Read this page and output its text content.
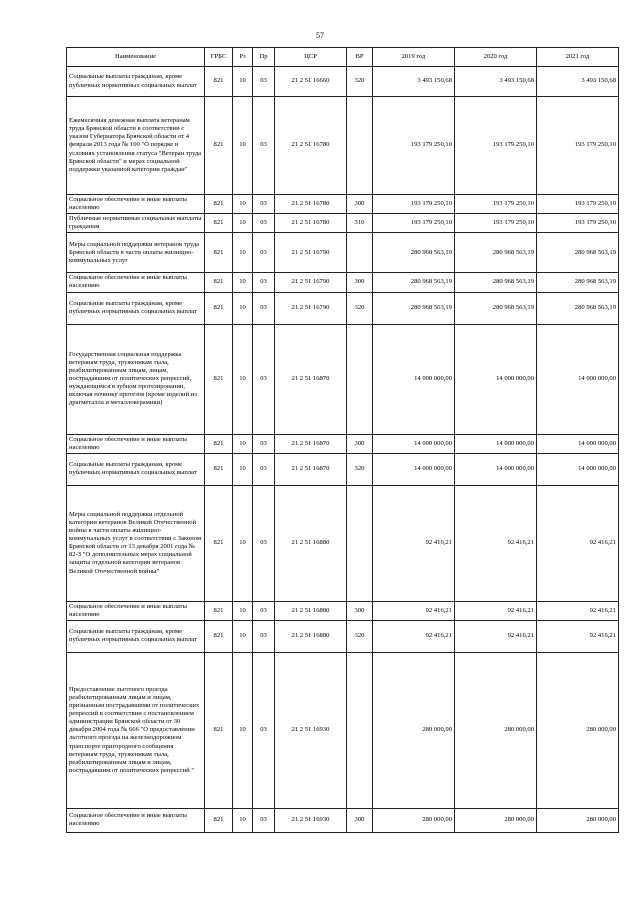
57
Наименование	ГРБС	Рз	Пр	ЦСР	ВР	2019 год	2020 год	2021 год
Социальные выплаты гражданам, кроме публичных нормативных социальных выплат	821	10	03	21 2 51 16660	320	3 493 150,68	3 493 150,68	3 493 150,68
Ежемесячная денежная выплата ветеранам труда Брянской области в соответствии с указом Губернатора Брянской области от 4 февраля 2013 года № 100 "О порядке и условиях установления статуса "Ветеран труда Брянской области" и мерах социальной поддержки указанной категории граждан"	821	10	03	21 2 51 16780		193 179 250,10	193 179 250,10	193 179 250,10
Социальное обеспечение и иные выплаты населению	821	10	03	21 2 51 16780	300	193 179 250,10	193 179 250,10	193 179 250,10
Публичные нормативные социальные выплаты гражданам	821	10	03	21 2 51 16780	310	193 179 250,10	193 179 250,10	193 179 250,10
Меры социальной поддержки ветеранов труда Брянской области в части оплаты жилищно-коммунальных услуг	821	10	03	21 2 51 16790		280 968 563,19	280 968 563,19	280 968 563,19
Социальное обеспечение и иные выплаты населению	821	10	03	21 2 51 16790	300	280 968 563,19	280 968 563,19	280 968 563,19
Социальные выплаты гражданам, кроме публичных нормативных социальных выплат	821	10	03	21 2 51 16790	320	280 968 563,19	280 968 563,19	280 968 563,19
Государственная социальная поддержка ветеранам труда, труженикам тыла, реабилитированным лицам, лицам, пострадавшим от политических репрессий, нуждающимся в зубном протезировании, включая починку протезов (кроме изделий из драгметалла и металлокерамики)	821	10	03	21 2 51 16870		14 000 000,00	14 000 000,00	14 000 000,00
Социальное обеспечение и иные выплаты населению	821	10	03	21 2 51 16870	300	14 000 000,00	14 000 000,00	14 000 000,00
Социальные выплаты гражданам, кроме публичных нормативных социальных выплат	821	10	03	21 2 51 16870	320	14 000 000,00	14 000 000,00	14 000 000,00
Меры социальной поддержки отдельной категории ветеранов Великой Отечественной войны в части оплаты жилищно-коммунальных услуг в соответствии с Законом Брянской области от 13 декабря 2001 года № 82-З "О дополнительных мерах социальной защиты отдельной категории ветеранов Великой Отечественной войны"	821	10	03	21 2 51 16880		92 416,21	92 416,21	92 416,21
Социальное обеспечение и иные выплаты населению	821	10	03	21 2 51 16880	300	92 416,21	92 416,21	92 416,21
Социальные выплаты гражданам, кроме публичных нормативных социальных выплат	821	10	03	21 2 51 16880	320	92 416,21	92 416,21	92 416,21
Предоставление льготного проезда реабилитированным лицам и лицам, признанным пострадавшими от политических репрессий в соответствии с постановлением администрации Брянской области от 30 декабря 2004 года № 666 "О предоставлении льготного проезда на железнодорожном транспорте пригородного сообщения ветеранам труда, труженикам тыла, реабилитированным лицам и лицам, пострадавшим от политических репрессий "	821	10	03	21 2 51 16930		280 000,00	280 000,00	280 000,00
Социальное обеспечение и иные выплаты населению	821	10	03	21 2 51 16930	300	280 000,00	280 000,00	280 000,00
